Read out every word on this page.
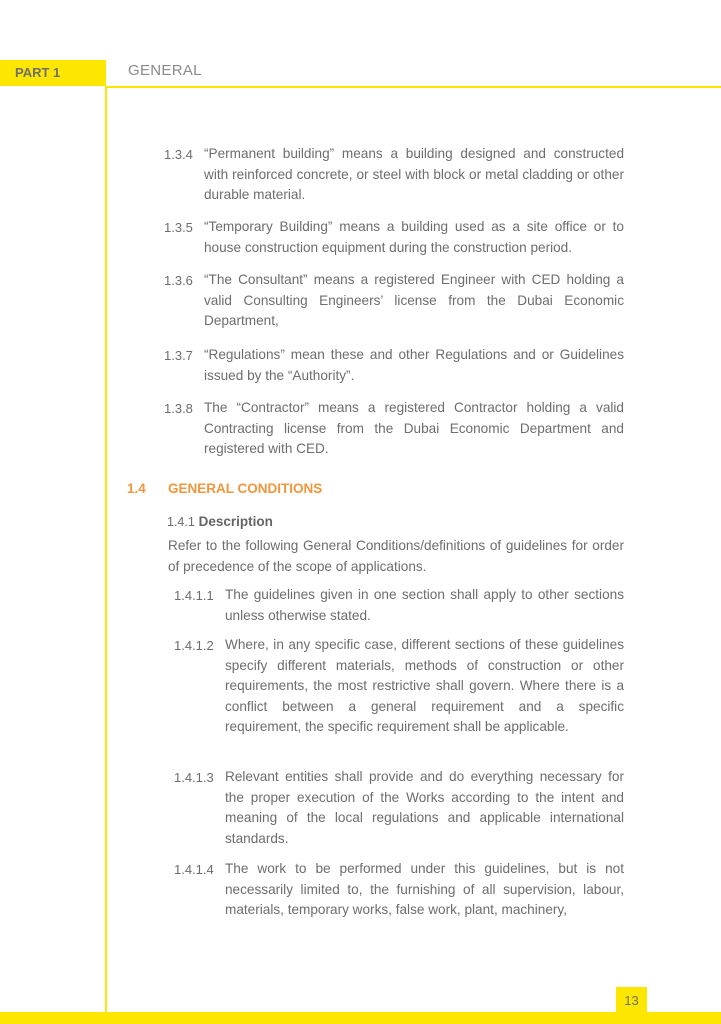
PART 1	GENERAL
1.3.4 “Permanent building” means a building designed and constructed with reinforced concrete, or steel with block or metal cladding or other durable material.
1.3.5 “Temporary Building” means a building used as a site office or to house construction equipment during the construction period.
1.3.6 “The Consultant” means a registered Engineer with CED holding a valid Consulting Engineers’ license from the Dubai Economic Department,
1.3.7 “Regulations” mean these and other Regulations and or Guidelines issued by the “Authority”.
1.3.8 The “Contractor” means a registered Contractor holding a valid Contracting license from the Dubai Economic Department and registered with CED.
1.4 GENERAL CONDITIONS
1.4.1 Description
Refer to the following General Conditions/definitions of guidelines for order of precedence of the scope of applications.
1.4.1.1 The guidelines given in one section shall apply to other sections unless otherwise stated.
1.4.1.2 Where, in any specific case, different sections of these guidelines specify different materials, methods of construction or other requirements, the most restrictive shall govern. Where there is a conflict between a general requirement and a specific requirement, the specific requirement shall be applicable.
1.4.1.3 Relevant entities shall provide and do everything necessary for the proper execution of the Works according to the intent and meaning of the local regulations and applicable international standards.
1.4.1.4 The work to be performed under this guidelines, but is not necessarily limited to, the furnishing of all supervision, labour, materials, temporary works, false work, plant, machinery,
13
